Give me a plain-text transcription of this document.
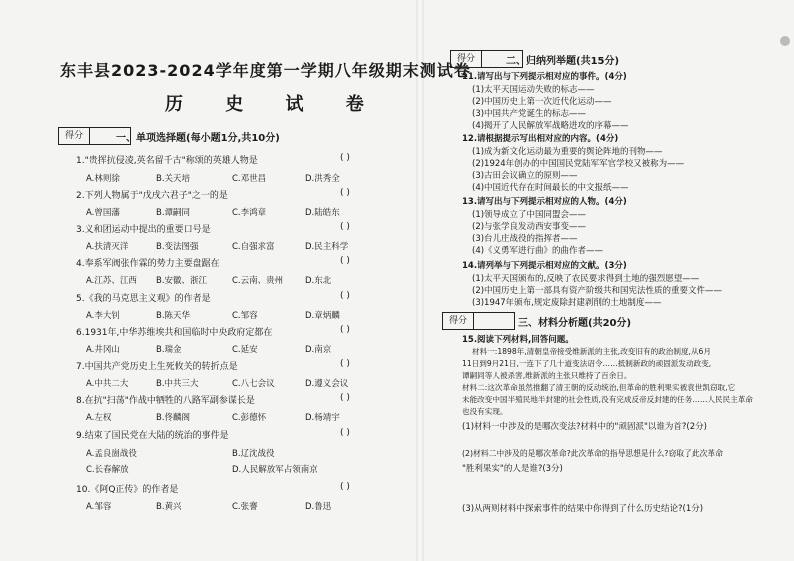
东丰县2023-2024学年度第一学期八年级期末测试卷
历 史 试 卷
得分	一、单项选择题(每小题1分,共10分)
1."贵挥抗侵凌,英名留千古"称颂的英雄人物是	( )
A.林则徐	B.关天培	C.邓世昌	D.洪秀全
2.下列人物属于"戊戌六君子"之一的是	( )
A.曾国藩	B.谭嗣同	C.李鸿章	D.陆皓东
3.义和团运动中提出的重要口号是	( )
A.扶清灭洋	B.变法图强	C.自强求富	D.民主科学
4.奉系军阀张作霖的势力主要盘踞在	( )
A.江苏、江西 B.安徽、浙江	C.云南、贵州	D.东北
5.《我的马克思主义观》的作者是	( )
A.李大钊	B.陈天华	C.邹容	D.章炳麟
6.1931年,中华苏维埃共和国临时中央政府定都在	( )
A.井冈山	B.瑞金	C.延安	D.南京
7.中国共产党历史上生死攸关的转折点是	( )
A.中共二大	B.中共三大	C.八七会议	D.遵义会议
8.在抗"扫荡"作战中牺牲的八路军副参谋长是	( )
A.左权	B.佟麟阁	C.彭德怀	D.杨靖宇
9.结束了国民党在大陆的统治的事件是	( )
A.孟良崮战役	B.辽沈战役
C.长春解放	D.人民解放军占领南京
10.《阿Q正传》的作者是	( )
A.邹容	B.黄兴	C.张謇	D.鲁迅
得分	二、归纳列举题(共15分)
11.请写出与下列提示相对应的事件。(4分)
(1)太平天国运动失败的标志——
(2)中国历史上第一次近代化运动——
(3)中国共产党诞生的标志——
(4)揭开了人民解放军战略进攻的序幕——
12.请根据提示写出相对应的内容。(4分)
(1)成为新文化运动最为重要的舆论阵地的刊物——
(2)1924年创办的中国国民党陆军军官学校又被称为——
(3)古田会议确立的原则——
(4)中国近代存在时间最长的中文报纸——
13.请写出与下列提示相对应的人物。(4分)
(1)领导成立了中国同盟会——
(2)与张学良发动西安事变——
(3)台儿庄战役的指挥者——
(4)《义勇军进行曲》的曲作者——
14.请列举与下列提示相对应的文献。(3分)
(1)太平天国颁布的,反映了农民要求得到土地的强烈愿望——
(2)中国历史上第一部具有资产阶级共和国宪法性质的重要文件——
(3)1947年颁布,规定废除封建剥削的土地制度——
得分	三、材料分析题(共20分)
15.阅读下列材料,回答问题。
材料一:1898年,清朝皇帝接受维新派的主张,改变旧有的政治制度,从6月
11日到9月21日,一连下了几十道变法诏令……抵制新政的顽固派发动政变,
谭嗣同等人被杀害,维新派的主张只维持了百余日。
材料二:这次革命虽然推翻了清王朝的反动统治,但革命的胜利果实被袁世凯窃取,它
未能改变中国半殖民地半封建的社会性质,没有完成反帝反封建的任务……人民民主革命
也没有实现。
(1)材料一中涉及的是哪次变法?材料中的"顽固派"以谁为首?(2分)
(2)材料二中涉及的是哪次革命?此次革命的指导思想是什么?窃取了此次革命
"胜利果实"的人是谁?(3分)
(3)从两则材料中探索事件的结果中你得到了什么历史结论?(1分)
